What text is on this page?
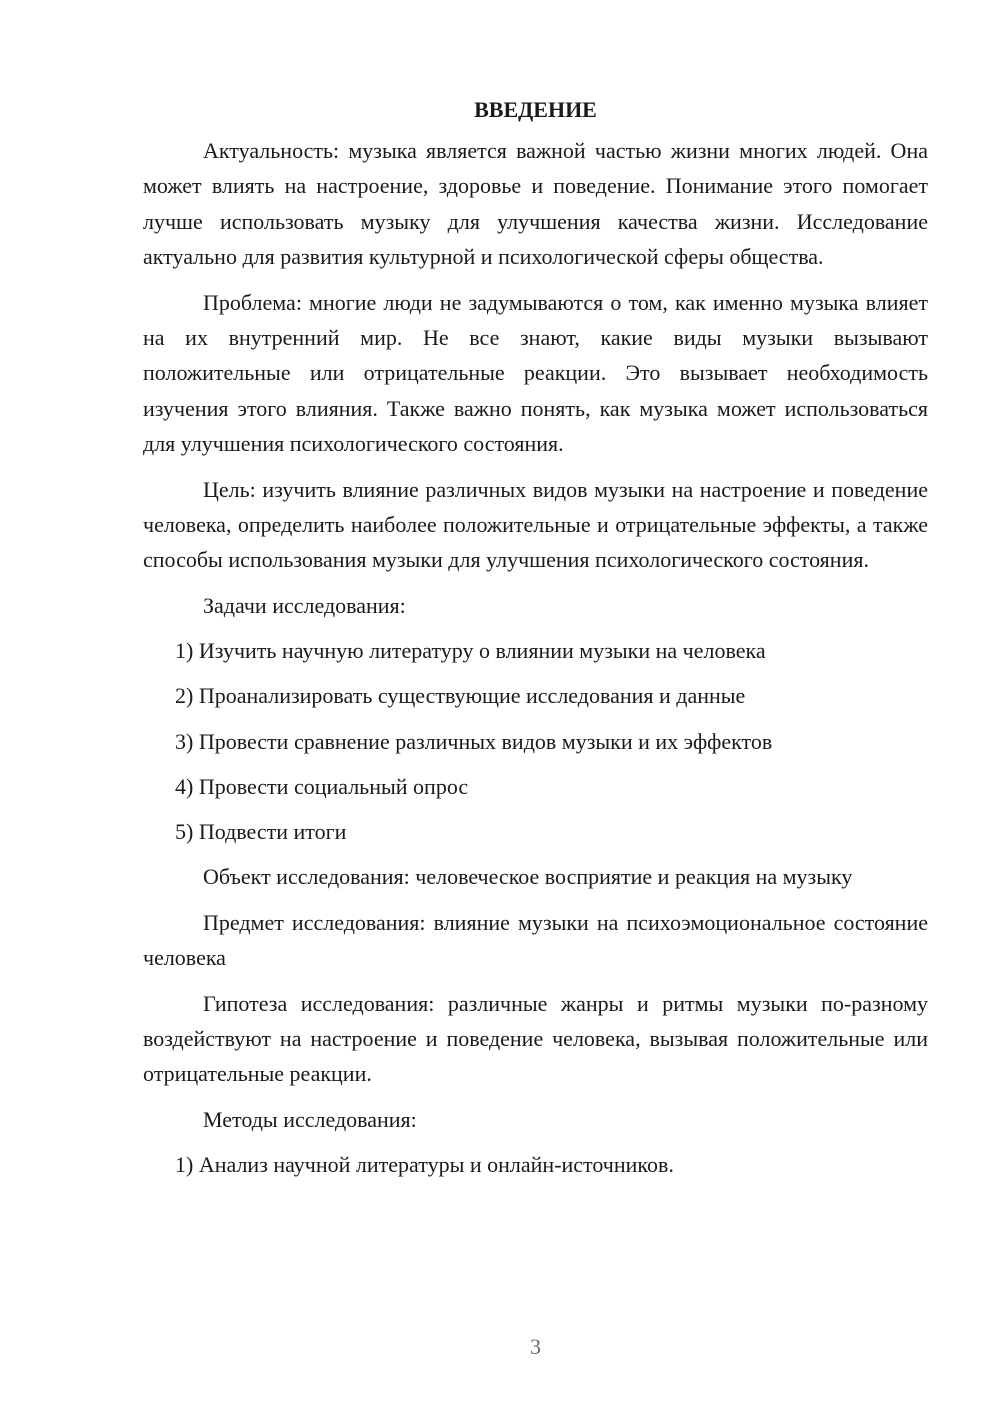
ВВЕДЕНИЕ

Актуальность: музыка является важной частью жизни многих людей. Она может влиять на настроение, здоровье и поведение. Понимание этого помогает лучше использовать музыку для улучшения качества жизни. Исследование актуально для развития культурной и психологической сферы общества.

Проблема: многие люди не задумываются о том, как именно музыка влияет на их внутренний мир. Не все знают, какие виды музыки вызывают положительные или отрицательные реакции. Это вызывает необходимость изучения этого влияния. Также важно понять, как музыка может использоваться для улучшения психологического состояния.

Цель: изучить влияние различных видов музыки на настроение и поведение человека, определить наиболее положительные и отрицательные эффекты, а также способы использования музыки для улучшения психологического состояния.

Задачи исследования:

1) Изучить научную литературу о влиянии музыки на человека
2) Проанализировать существующие исследования и данные
3) Провести сравнение различных видов музыки и их эффектов
4) Провести социальный опрос
5) Подвести итоги

Объект исследования: человеческое восприятие и реакция на музыку

Предмет исследования: влияние музыки на психоэмоциональное состояние человека

Гипотеза исследования: различные жанры и ритмы музыки по-разному воздействуют на настроение и поведение человека, вызывая положительные или отрицательные реакции.

Методы исследования:

1) Анализ научной литературы и онлайн-источников.
3
